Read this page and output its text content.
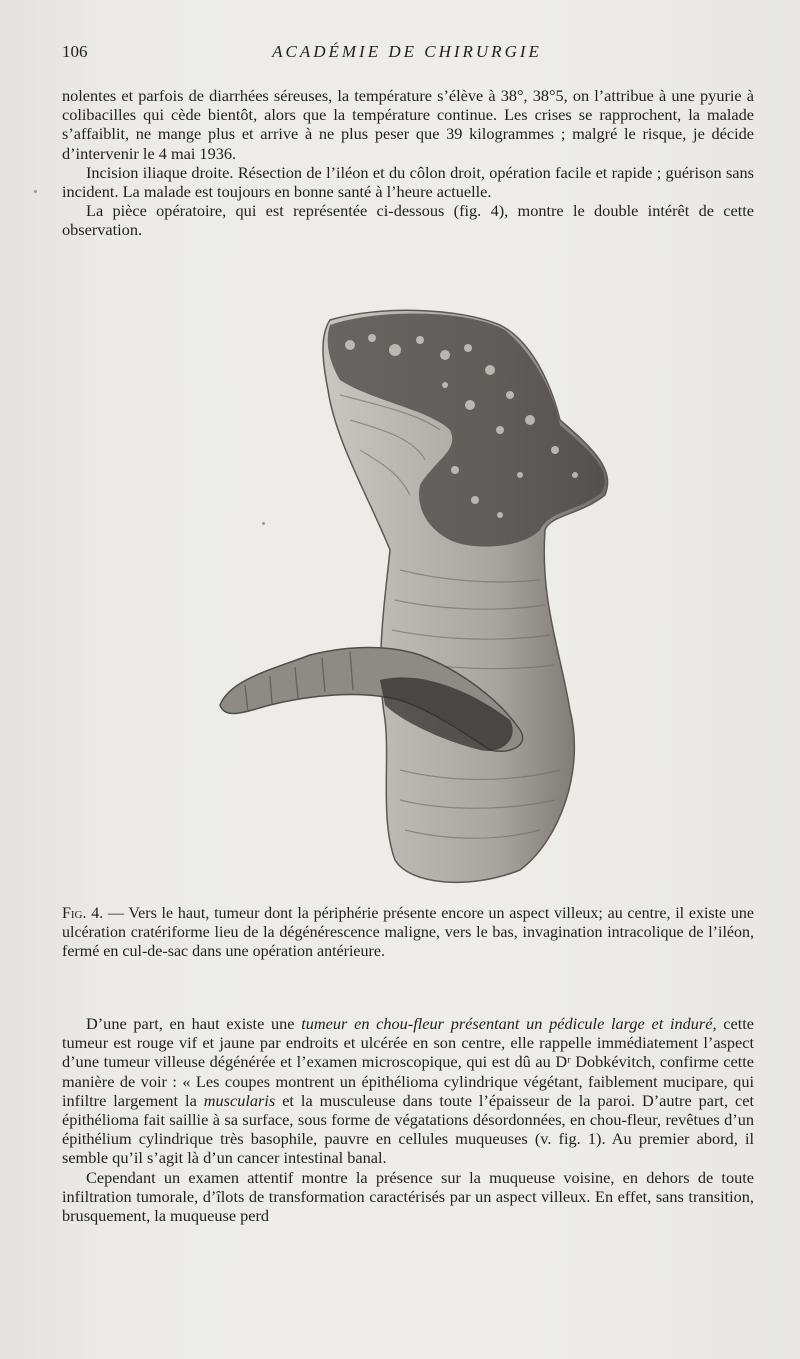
106	ACADÉMIE DE CHIRURGIE

nolentes et parfois de diarrhées séreuses, la température s’élève à 38°, 38°5, on l’attribue à une pyurie à colibacilles qui cède bientôt, alors que la température continue. Les crises se rapprochent, la malade s’affaiblit, ne mange plus et arrive à ne plus peser que 39 kilogrammes ; malgré le risque, je décide d’intervenir le 4 mai 1936.

Incision iliaque droite. Résection de l’iléon et du côlon droit, opération facile et rapide ; guérison sans incident. La malade est toujours en bonne santé à l’heure actuelle.

La pièce opératoire, qui est représentée ci-dessous (fig. 4), montre le double intérêt de cette observation.

Fig. 4. — Vers le haut, tumeur dont la périphérie présente encore un aspect villeux; au centre, il existe une ulcération cratériforme lieu de la dégénérescence maligne, vers le bas, invagination intracolique de l’iléon, fermé en cul-de-sac dans une opération antérieure.

D’une part, en haut existe une tumeur en chou-fleur présentant un pédicule large et induré, cette tumeur est rouge vif et jaune par endroits et ulcérée en son centre, elle rappelle immédiatement l’aspect d’une tumeur villeuse dégénérée et l’examen microscopique, qui est dû au Dʳ Dobkévitch, confirme cette manière de voir : « Les coupes montrent un épithélioma cylindrique végétant, faiblement mucipare, qui infiltre largement la muscularis et la musculeuse dans toute l’épaisseur de la paroi. D’autre part, cet épithélioma fait saillie à sa surface, sous forme de végatations désordonnées, en chou-fleur, revêtues d’un épithélium cylindrique très basophile, pauvre en cellules muqueuses (v. fig. 1). Au premier abord, il semble qu’il s’agit là d’un cancer intestinal banal.

Cependant un examen attentif montre la présence sur la muqueuse voisine, en dehors de toute infiltration tumorale, d’îlots de transformation caractérisés par un aspect villeux. En effet, sans transition, brusquement, la muqueuse perd
